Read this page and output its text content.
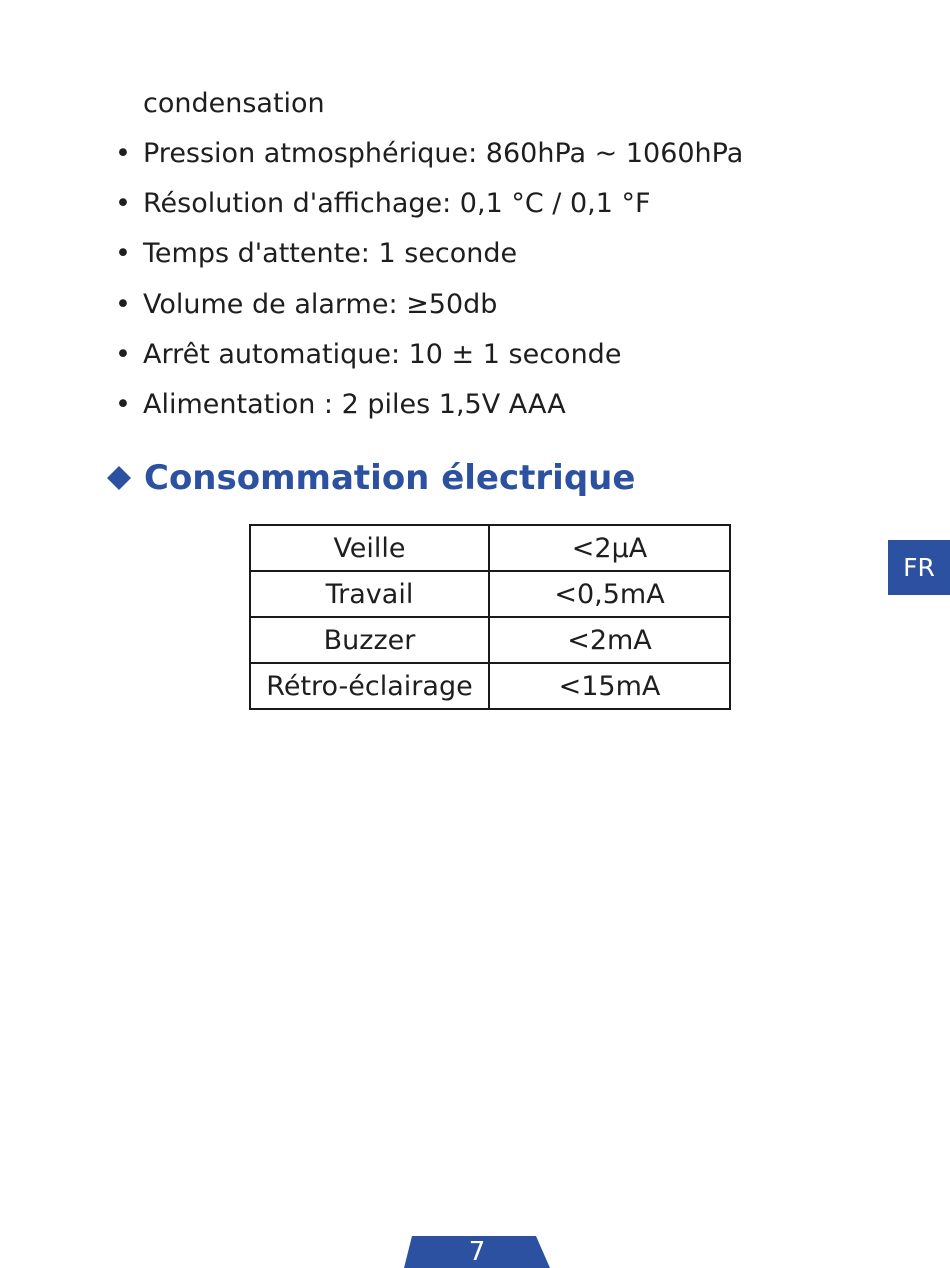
condensation
• Pression atmosphérique: 860hPa ~ 1060hPa
• Résolution d'affichage: 0,1 °C / 0,1 °F
• Temps d'attente: 1 seconde
• Volume de alarme: ≥50db
• Arrêt automatique: 10 ± 1 seconde
• Alimentation : 2 piles 1,5V AAA
Consommation électrique
Veille	<2μA
Travail	<0,5mA
Buzzer	<2mA
Rétro-éclairage	<15mA
FR
7
